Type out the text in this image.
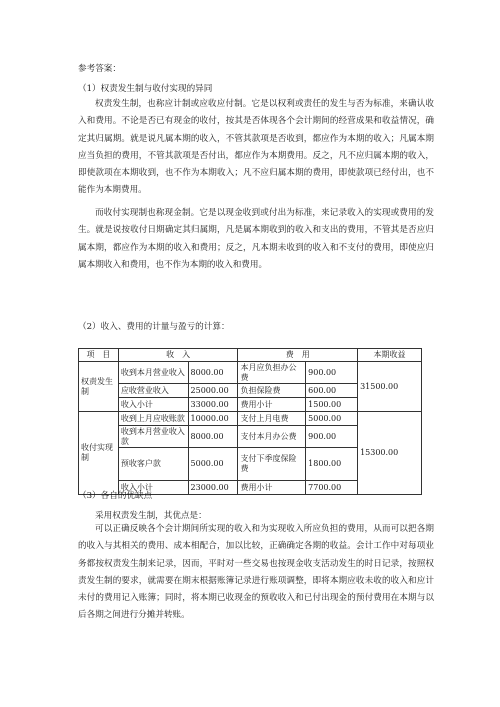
参考答案：
（1）权责发生制与收付实现的异同
权责发生制，也称应计制或应收应付制。它是以权利或责任的发生与否为标准，来确认收入和费用。不论是否已有现金的收付，按其是否体现各个会计期间的经营成果和收益情况，确定其归属期。就是说凡属本期的收入，不管其款项是否收到，都应作为本期的收入；凡属本期应当负担的费用，不管其款项是否付出，都应作为本期费用。反之，凡不应归属本期的收入，即使款项在本期收到，也不作为本期收入；凡不应归属本期的费用，即使款项已经付出，也不能作为本期费用。
而收付实现制也称现金制。它是以现金收到或付出为标准，来记录收入的实现或费用的发生。就是说按收付日期确定其归属期，凡是属本期收到的收入和支出的费用，不管其是否应归属本期，都应作为本期的收入和费用；反之，凡本期未收到的收入和不支付的费用，即使应归属本期收入和费用，也不作为本期的收入和费用。
（2）收入、费用的计量与盈亏的计算：
项　目	收　入		费　用		本期收益
权责发生制	收到本月营业收入	8000.00	本月应负担办公费	900.00	31500.00
	应收营业收入	25000.00	负担保险费	600.00	
	收入小计	33000.00	费用小计	1500.00	
收付实现制	收到上月应收账款	10000.00	支付上月电费	5000.00	15300.00
	收到本月营业收入款	8000.00	支付本月办公费	900.00	
	预收客户款	5000.00	支付下季度保险费	1800.00	
	收入小计	23000.00	费用小计	7700.00	
（3）各自的优缺点
采用权责发生制，其优点是：
可以正确反映各个会计期间所实现的收入和为实现收入所应负担的费用，从而可以把各期的收入与其相关的费用、成本相配合，加以比较，正确确定各期的收益。会计工作中对每项业务都按权责发生制来记录，因而，平时对一些交易也按现金收支活动发生的时日记录，按照权责发生制的要求，就需要在期末根据账簿记录进行账项调整，即将本期应收未收的收入和应计未付的费用记入账簿；同时，将本期已收现金的预收收入和已付出现金的预付费用在本期与以后各期之间进行分摊并转账。
